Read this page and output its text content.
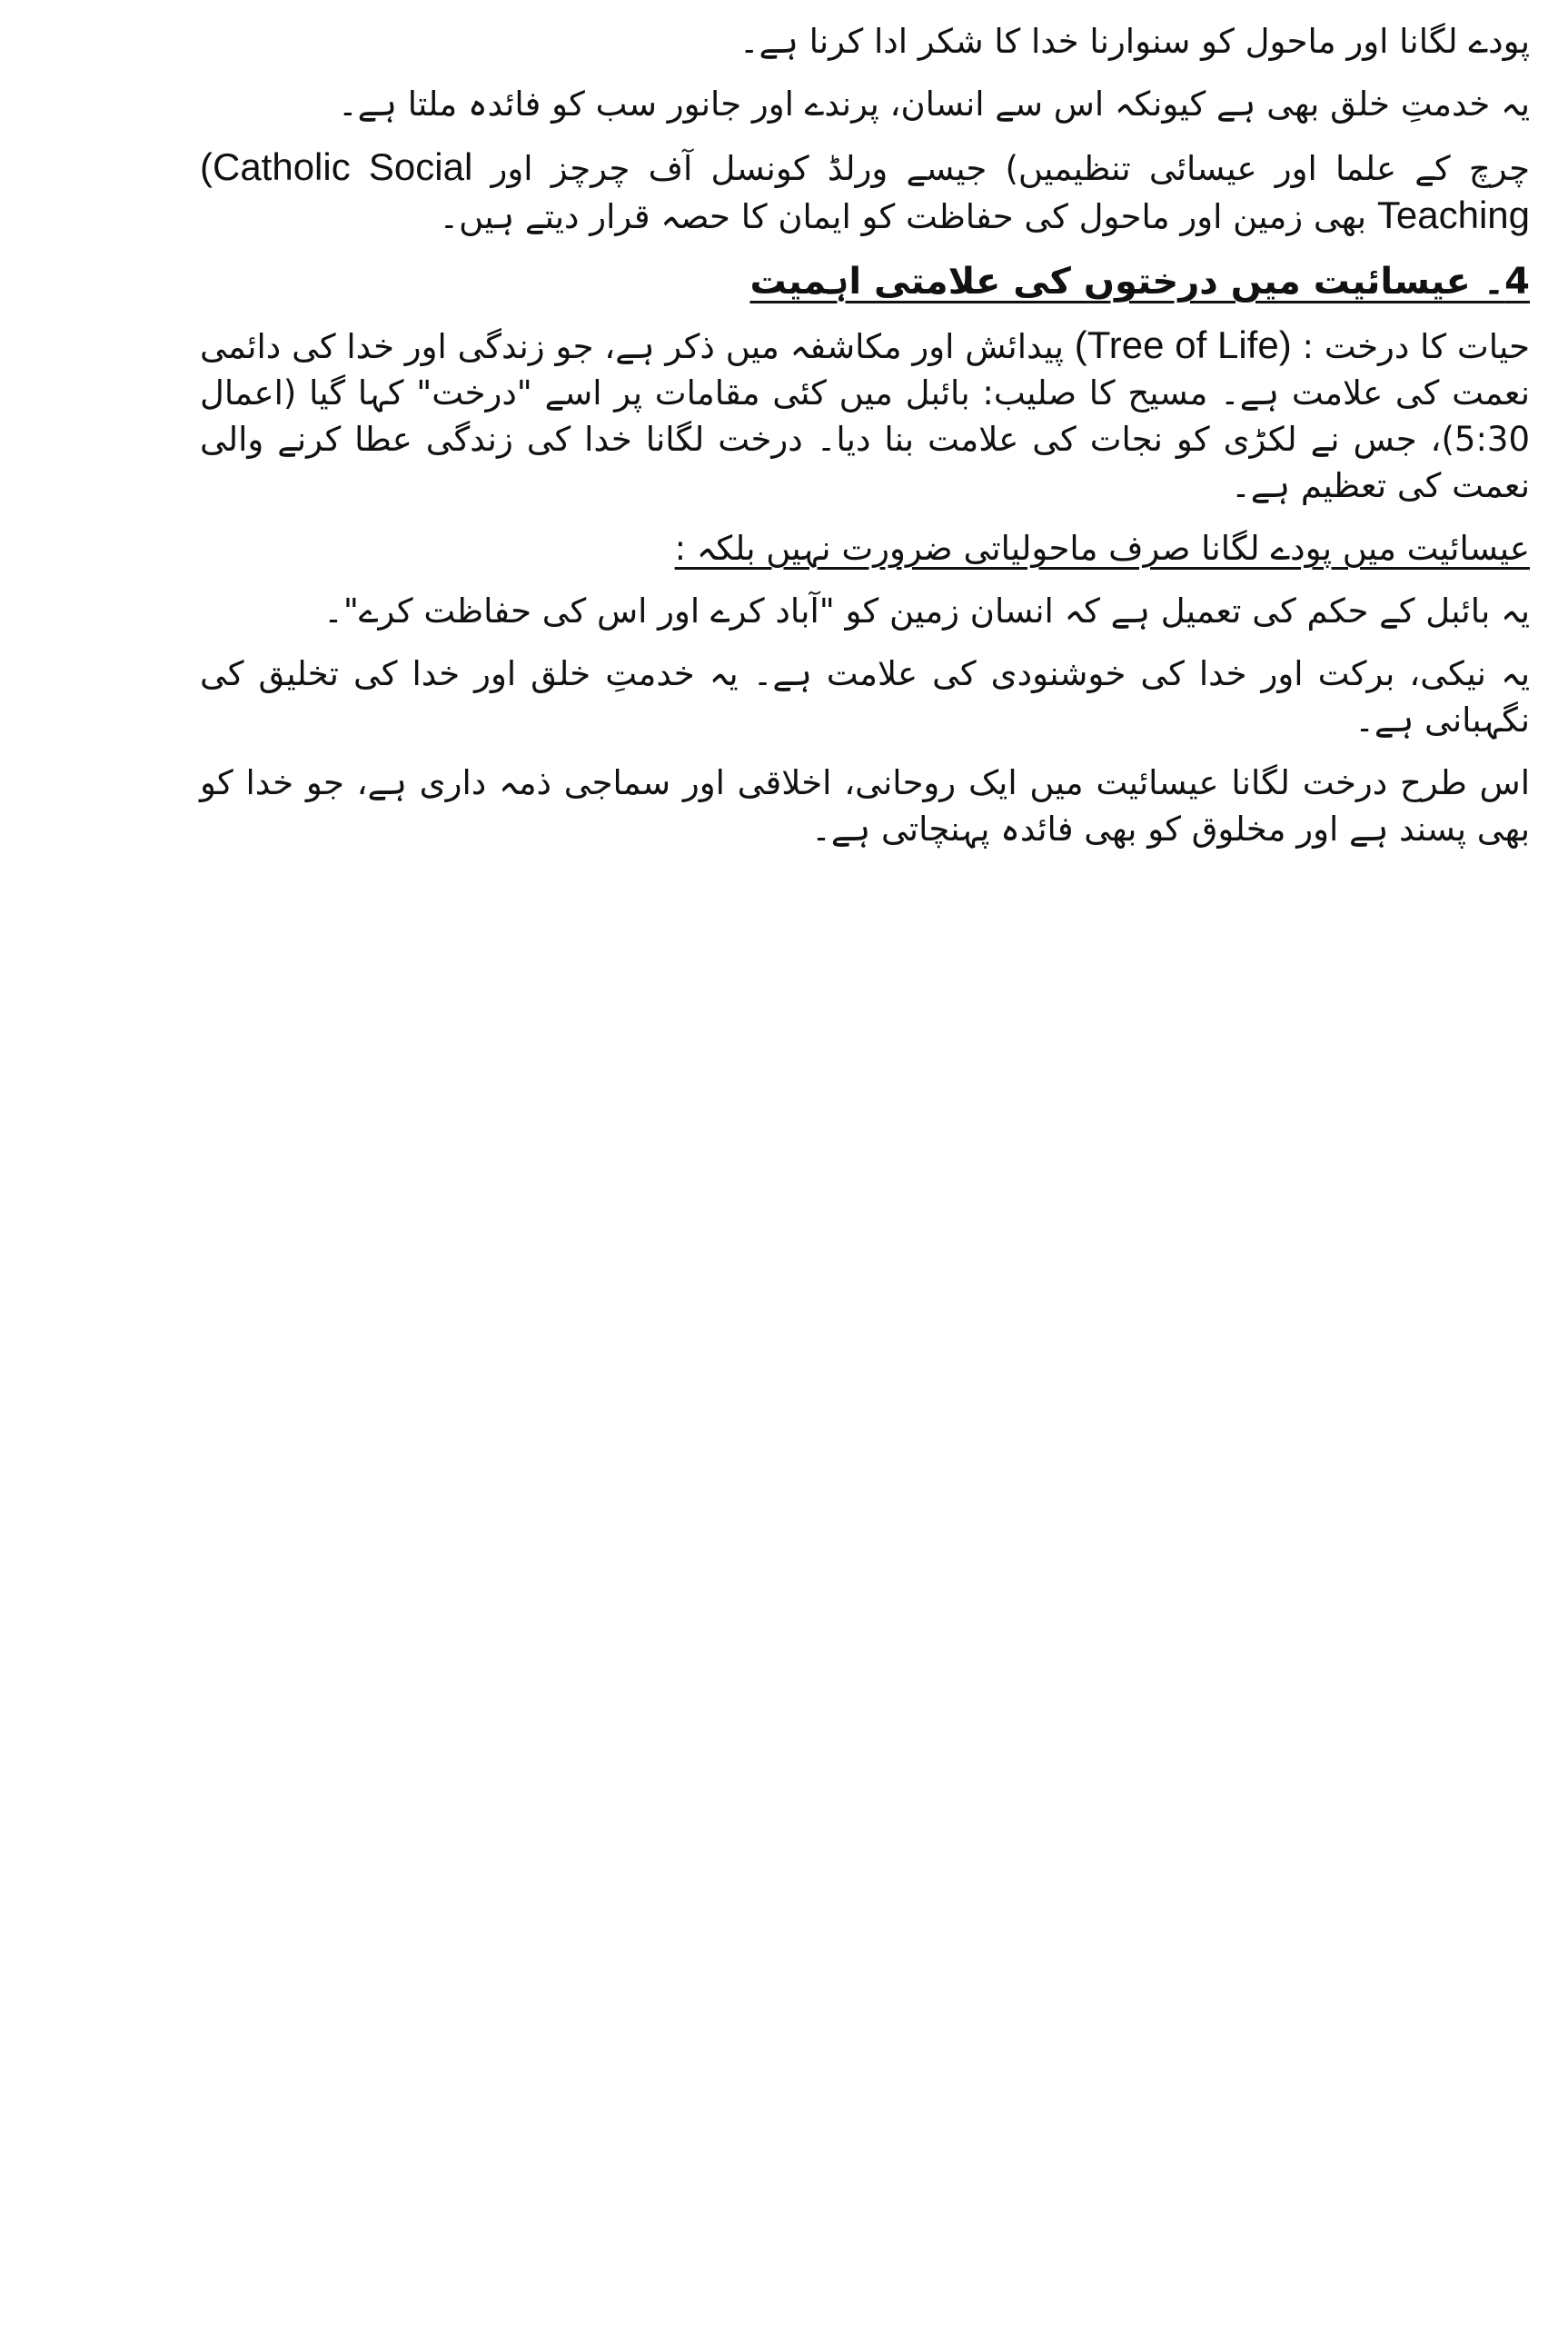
پودے لگانا اور ماحول کو سنوارنا خدا کا شکر ادا کرنا ہے۔

یہ خدمتِ خلق بھی ہے کیونکہ اس سے انسان، پرندے اور جانور سب کو فائدہ ملتا ہے۔

چرچ کے علما اور عیسائی تنظیمیں) جیسے ورلڈ کونسل آف چرچز اور (Catholic Social Teaching بھی زمین اور ماحول کی حفاظت کو ایمان کا حصہ قرار دیتے ہیں۔

4۔ عیسائیت میں درختوں کی علامتی اہمیت

حیات کا درخت : (Tree of Life) پیدائش اور مکاشفہ میں ذکر ہے، جو زندگی اور خدا کی دائمی نعمت کی علامت ہے۔ مسیح کا صلیب: بائبل میں کئی مقامات پر اسے "درخت" کہا گیا (اعمال 5:30)، جس نے لکڑی کو نجات کی علامت بنا دیا۔ درخت لگانا خدا کی زندگی عطا کرنے والی نعمت کی تعظیم ہے۔

عیسائیت میں پودے لگانا صرف ماحولیاتی ضرورت نہیں بلکہ :

یہ بائبل کے حکم کی تعمیل ہے کہ انسان زمین کو "آباد کرے اور اس کی حفاظت کرے"۔

یہ نیکی، برکت اور خدا کی خوشنودی کی علامت ہے۔ یہ خدمتِ خلق اور خدا کی تخلیق کی نگہبانی ہے۔

اس طرح درخت لگانا عیسائیت میں ایک روحانی، اخلاقی اور سماجی ذمہ داری ہے، جو خدا کو بھی پسند ہے اور مخلوق کو بھی فائدہ پہنچاتی ہے۔
